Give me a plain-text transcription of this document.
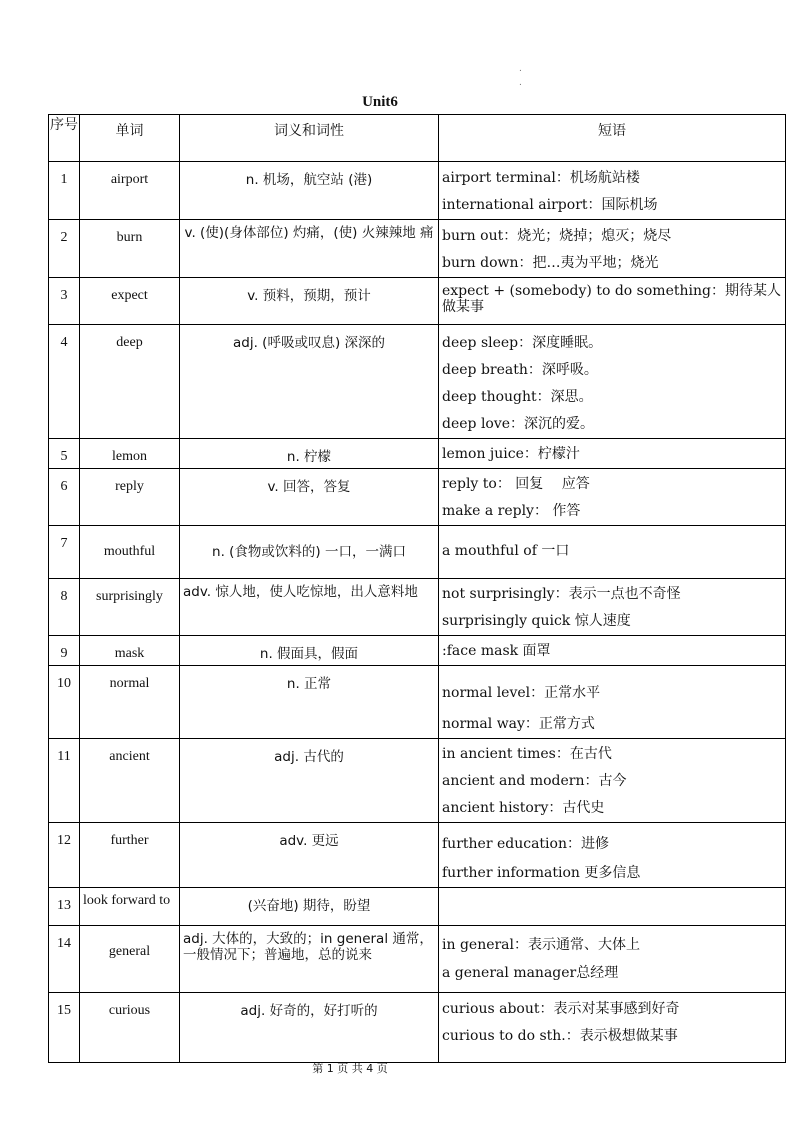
.
.
Unit6
序号	单词	词义和词性	短语

1	airport	n. 机场，航空站 (港)	airport terminal：机场航站楼
international airport：国际机场

2	burn	v. (使)(身体部位) 灼痛，(使) 火辣辣地 痛	burn out：烧光；烧掉；熄灭；烧尽
burn down：把…夷为平地；烧光

3	expect	v. 预料，预期，预计	expect + (somebody) to do something：期待某人做某事

4	deep	adj. (呼吸或叹息) 深深的	deep sleep：深度睡眠。
deep breath：深呼吸。
deep thought：深思。
deep love：深沉的爱。

5	lemon	n. 柠檬	lemon juice：柠檬汁

6	reply	v. 回答，答复	reply to： 回复　 应答
make a reply： 作答

7	mouthful	n. (食物或饮料的) 一口，一满口	a mouthful of 一口

8	surprisingly	adv. 惊人地，使人吃惊地，出人意料地	not surprisingly：表示一点也不奇怪
surprisingly quick 惊人速度

9	mask	n. 假面具，假面	:face mask 面罩

10	normal	n. 正常	normal level：正常水平
normal way：正常方式

11	ancient	adj. 古代的	in ancient times：在古代
ancient and modern：古今
ancient history：古代史

12	further	adv. 更远	further education：进修
further information 更多信息

13	look forward to	(兴奋地) 期待，盼望	

14	general	adj. 大体的，大致的；in general 通常，一般情况下；普遍地，总的说来	in general：表示通常、大体上
a general manager总经理

15	curious	adj. 好奇的，好打听的	curious about：表示对某事感到好奇
curious to do sth.：表示极想做某事
第 1 页 共 4 页
